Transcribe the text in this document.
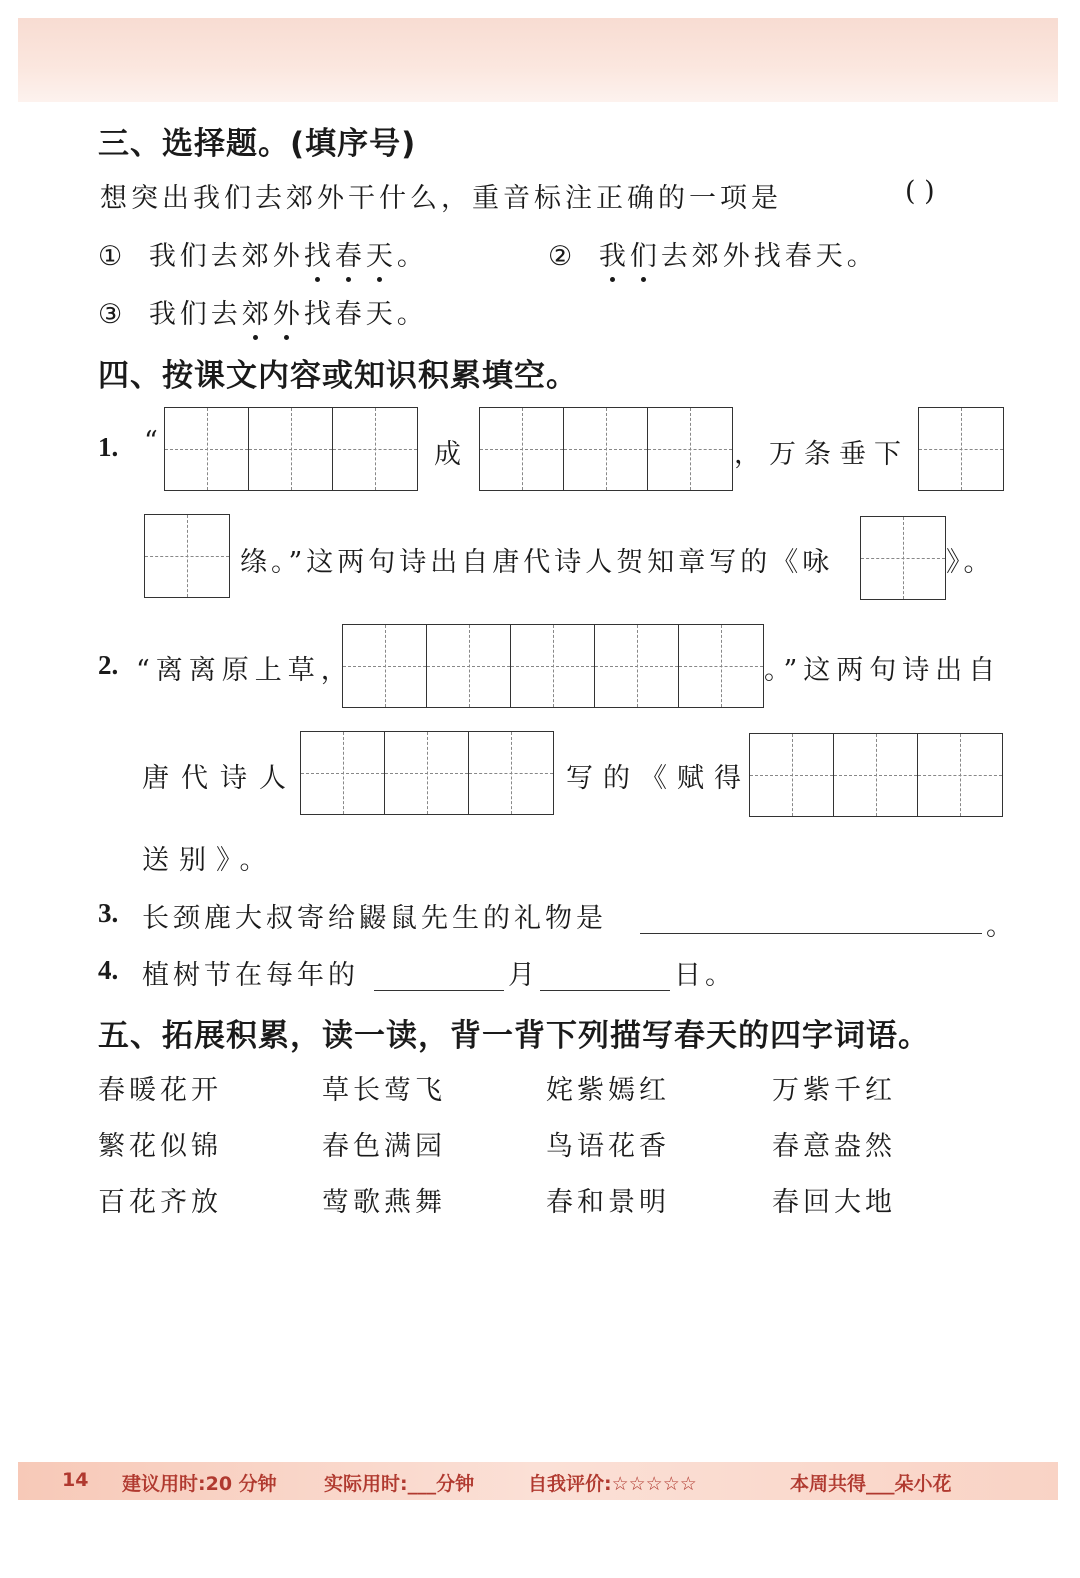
三、选择题。(填序号)
想突出我们去郊外干什么，重音标注正确的一项是	( )
① 我们去郊外找春天。	② 我们去郊外找春天。
③ 我们去郊外找春天。
四、按课文内容或知识积累填空。
1. “	成	，万条垂下
绦。”这两句诗出自唐代诗人贺知章写的《咏	》。
2. “离离原上草，	。”这两句诗出自
唐代诗人	写的《赋得
送别》。
3. 长颈鹿大叔寄给鼹鼠先生的礼物是	。
4. 植树节在每年的	月	日。
五、拓展积累，读一读，背一背下列描写春天的四字词语。
春暖花开	草长莺飞	姹紫嫣红	万紫千红
繁花似锦	春色满园	鸟语花香	春意盎然
百花齐放	莺歌燕舞	春和景明	春回大地
14 建议用时:20 分钟 实际用时:___分钟	自我评价:☆☆☆☆☆	本周共得___朵小花
